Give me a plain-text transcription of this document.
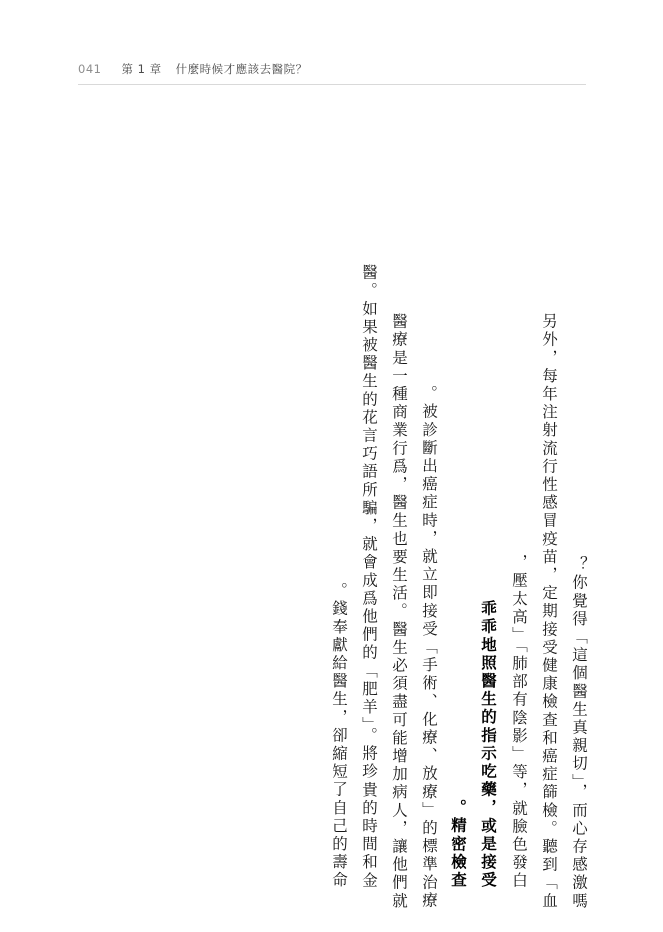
041 第 1 章 什麼時候才應該去醫院？
你覺得「這個醫生真親切」，而心存感激嗎？
另外，每年注射流行性感冒疫苗，定期接受健康檢查和癌症篩檢。聽到「血
壓太高」「肺部有陰影」等，就臉色發白，
乖乖地照醫生的指示吃藥，或是接受
精密檢查。
被診斷出癌症時，就立即接受「手術、化療、放療」的標準治療。
醫療是一種商業行爲，醫生也要生活。醫生必須盡可能增加病人，讓他們就
醫。如果被醫生的花言巧語所騙，就會成爲他們的「肥羊」。將珍貴的時間和金
錢奉獻給醫生，卻縮短了自己的壽命。
